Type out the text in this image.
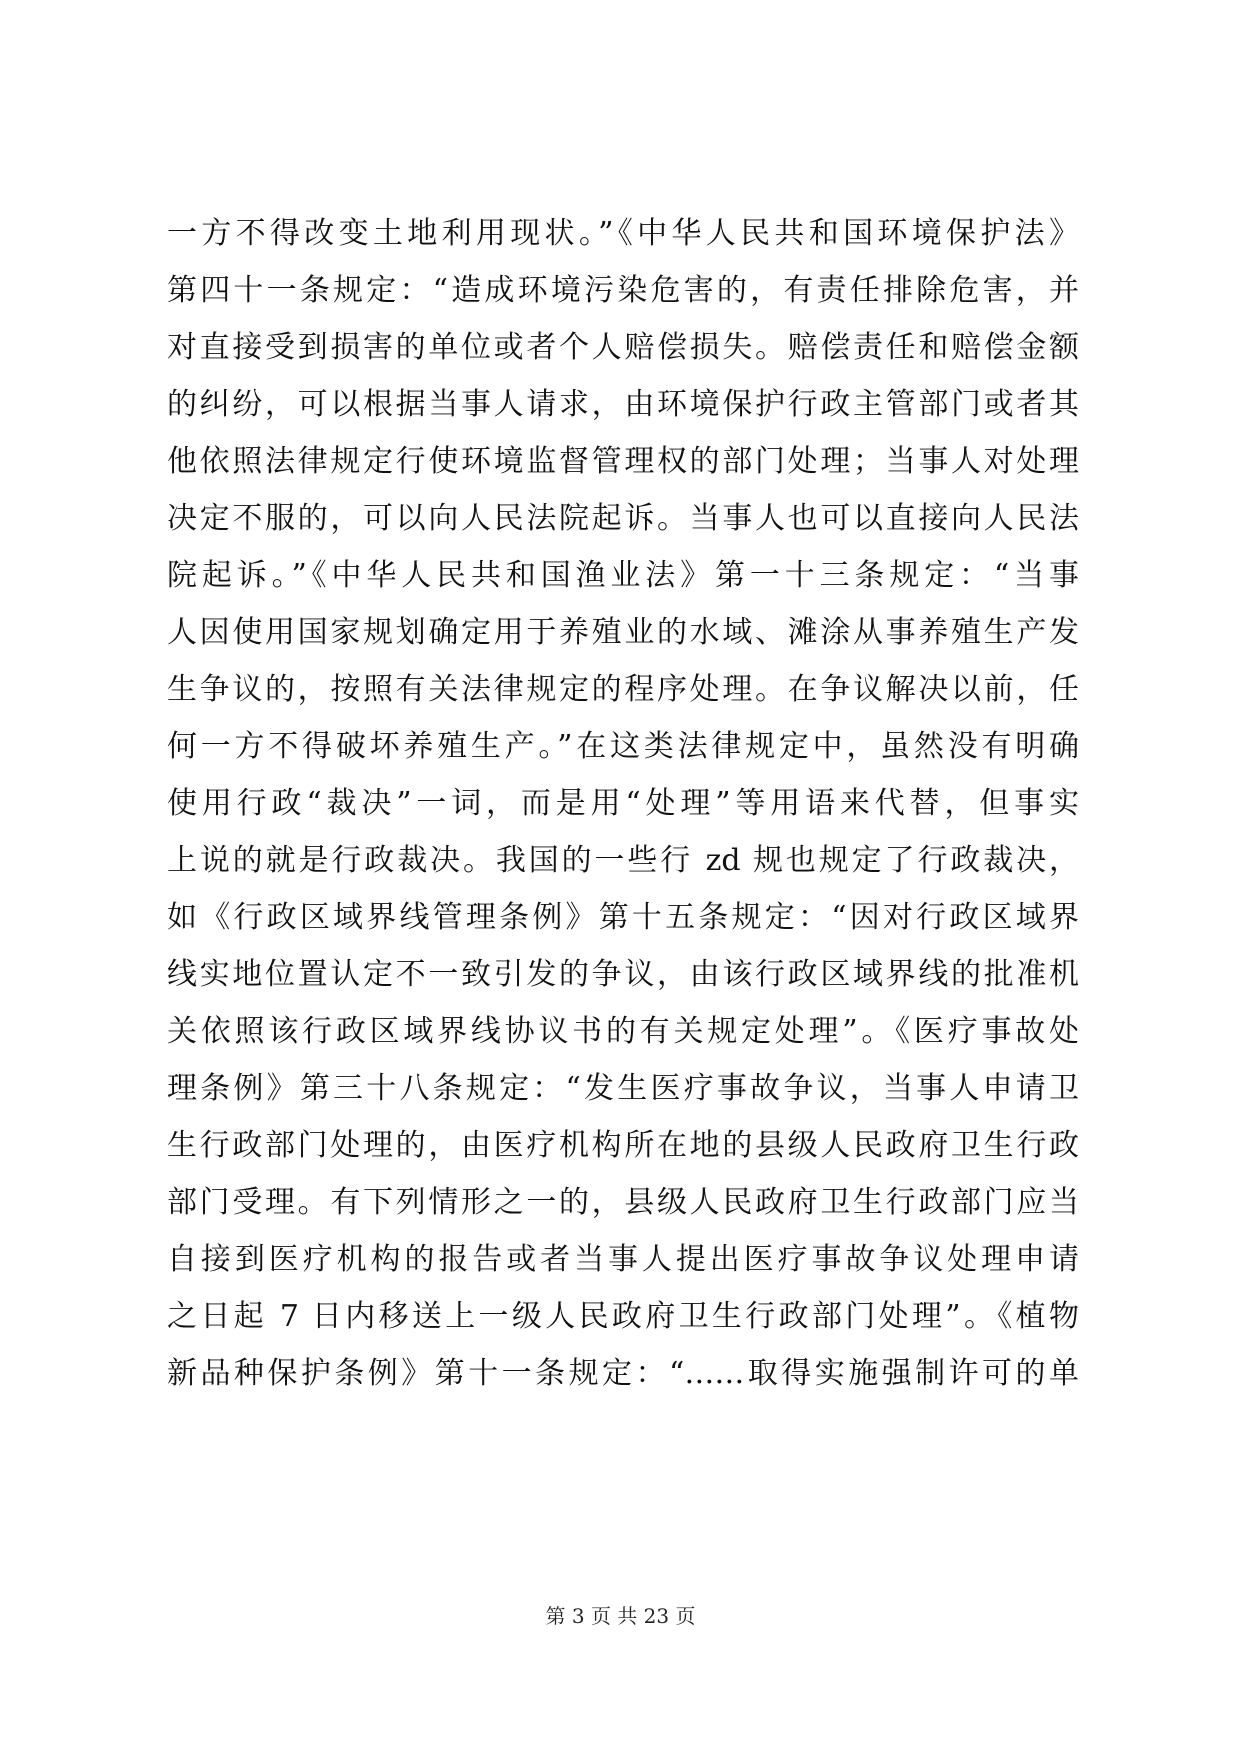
一方不得改变土地利用现状。”《中华人民共和国环境保护法》
第四十一条规定：“造成环境污染危害的，有责任排除危害，并
对直接受到损害的单位或者个人赔偿损失。赔偿责任和赔偿金额
的纠纷，可以根据当事人请求，由环境保护行政主管部门或者其
他依照法律规定行使环境监督管理权的部门处理；当事人对处理
决定不服的，可以向人民法院起诉。当事人也可以直接向人民法
院起诉。”《中华人民共和国渔业法》第一十三条规定：“当事
人因使用国家规划确定用于养殖业的水域、滩涂从事养殖生产发
生争议的，按照有关法律规定的程序处理。在争议解决以前，任
何一方不得破坏养殖生产。”在这类法律规定中，虽然没有明确
使用行政“裁决”一词，而是用“处理”等用语来代替，但事实
上说的就是行政裁决。我国的一些行 zd 规也规定了行政裁决，
如《行政区域界线管理条例》第十五条规定：“因对行政区域界
线实地位置认定不一致引发的争议，由该行政区域界线的批准机
关依照该行政区域界线协议书的有关规定处理”。《医疗事故处
理条例》第三十八条规定：“发生医疗事故争议，当事人申请卫
生行政部门处理的，由医疗机构所在地的县级人民政府卫生行政
部门受理。有下列情形之一的，县级人民政府卫生行政部门应当
自接到医疗机构的报告或者当事人提出医疗事故争议处理申请
之日起 7 日内移送上一级人民政府卫生行政部门处理”。《植物
新品种保护条例》第十一条规定：“……取得实施强制许可的单
第 3 页 共 23 页
